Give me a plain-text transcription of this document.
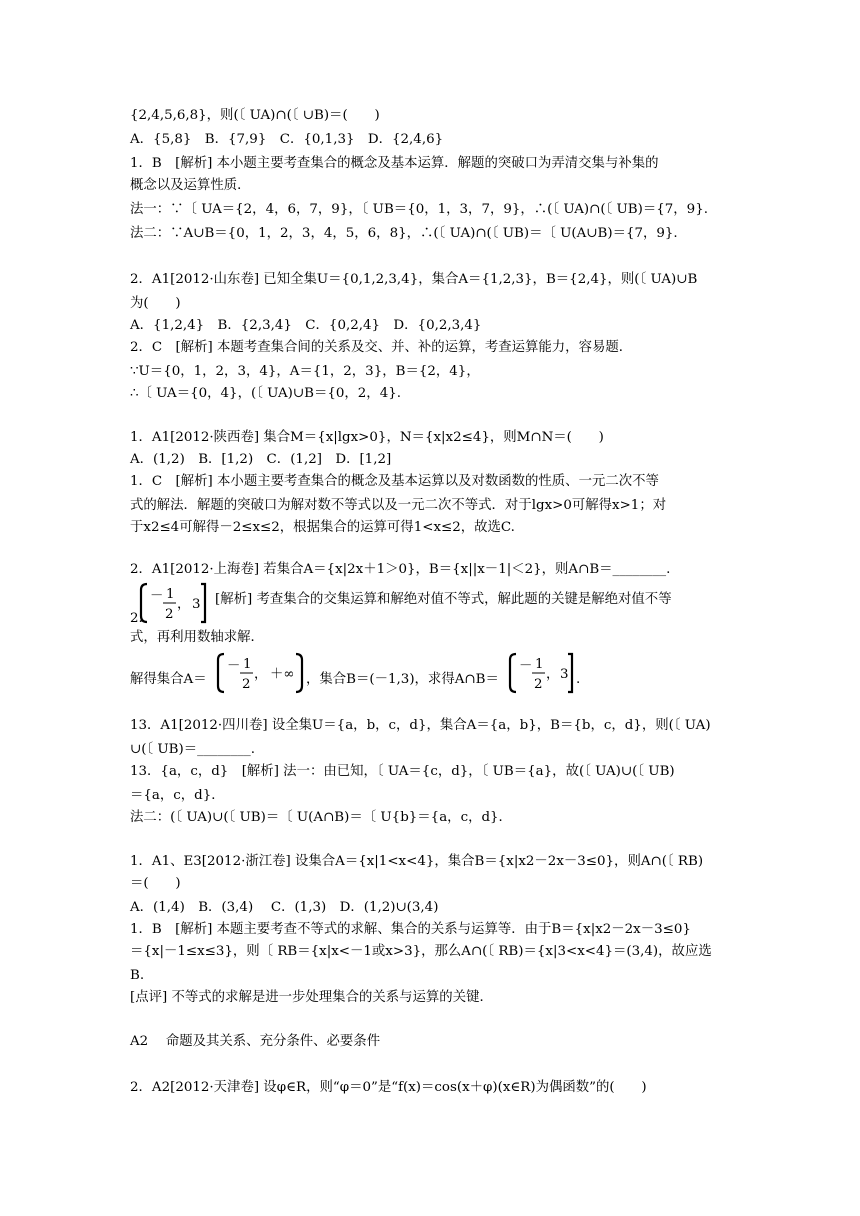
{2,4,5,6,8}，则(〔 UA)∩(〔 ∪B)＝(　　)
A．{5,8}　B．{7,9}　C．{0,1,3}　D．{2,4,6}
1．B　[解析] 本小题主要考查集合的概念及基本运算．解题的突破口为弄清交集与补集的
概念以及运算性质．
法一：∵〔 UA＝{2，4，6，7，9}，〔 UB＝{0，1，3，7，9}，∴(〔 UA)∩(〔 UB)＝{7，9}.
法二：∵A∪B＝{0，1，2，3，4，5，6，8}，∴(〔 UA)∩(〔 UB)＝〔 U(A∪B)＝{7，9}.
2．A1[2012·山东卷] 已知全集U＝{0,1,2,3,4}，集合A＝{1,2,3}，B＝{2,4}，则(〔 UA)∪B
为(　　)
A．{1,2,4}　B．{2,3,4}　C．{0,2,4}　D．{0,2,3,4}
2．C　[解析] 本题考查集合间的关系及交、并、补的运算，考查运算能力，容易题．
∵U＝{0，1，2，3，4}，A＝{1，2，3}，B＝{2，4}，
∴〔 UA＝{0，4}，(〔 UA)∪B＝{0，2，4}.
1．A1[2012·陕西卷] 集合M＝{x|lgx>0}，N＝{x|x2≤4}，则M∩N＝(　　)
A．(1,2)　B．[1,2)　C．(1,2]　D．[1,2]
1．C　[解析] 本小题主要考查集合的概念及基本运算以及对数函数的性质、一元二次不等
式的解法．解题的突破口为解对数不等式以及一元二次不等式．对于lgx>0可解得x>1；对
于x2≤4可解得－2≤x≤2，根据集合的运算可得1<x≤2，故选C.
2．A1[2012·上海卷] 若集合A＝{x|2x＋1＞0}，B＝{x||x－1|＜2}，则A∩B＝________.
2.
－ 1
2
， 3 [解析] 考查集合的交集运算和解绝对值不等式，解此题的关键是解绝对值不等
式，再利用数轴求解．
解得集合A＝
－ 1
2
， ＋∞ ，集合B＝(－1,3)，求得A∩B＝
－ 1
2
， 3 .
13．A1[2012·四川卷] 设全集U＝{a，b，c，d}，集合A＝{a，b}，B＝{b，c，d}，则(〔 UA)
∪(〔 UB)＝________.
13．{a，c，d}　[解析] 法一：由已知，〔 UA＝{c，d}，〔 UB＝{a}，故(〔 UA)∪(〔 UB)
＝{a，c，d}．
法二：(〔 UA)∪(〔 UB)＝〔 U(A∩B)＝〔 U{b}＝{a，c，d}．
1．A1、E3[2012·浙江卷] 设集合A＝{x|1<x<4}，集合B＝{x|x2－2x－3≤0}，则A∩(〔 RB)
＝(　　)
A．(1,4)　B．(3,4)　 C．(1,3)　D．(1,2)∪(3,4)
1．B　[解析] 本题主要考查不等式的求解、集合的关系与运算等．由于B＝{x|x2－2x－3≤0}
＝{x|－1≤x≤3}，则〔 RB＝{x|x<－1或x>3}，那么A∩(〔 RB)＝{x|3<x<4}＝(3,4)，故应选
B.
[点评] 不等式的求解是进一步处理集合的关系与运算的关键．
A2　 命题及其关系、充分条件、必要条件
2．A2[2012·天津卷] 设φ∈R，则“φ＝0”是“f(x)＝cos(x＋φ)(x∈R)为偶函数”的(　　)
